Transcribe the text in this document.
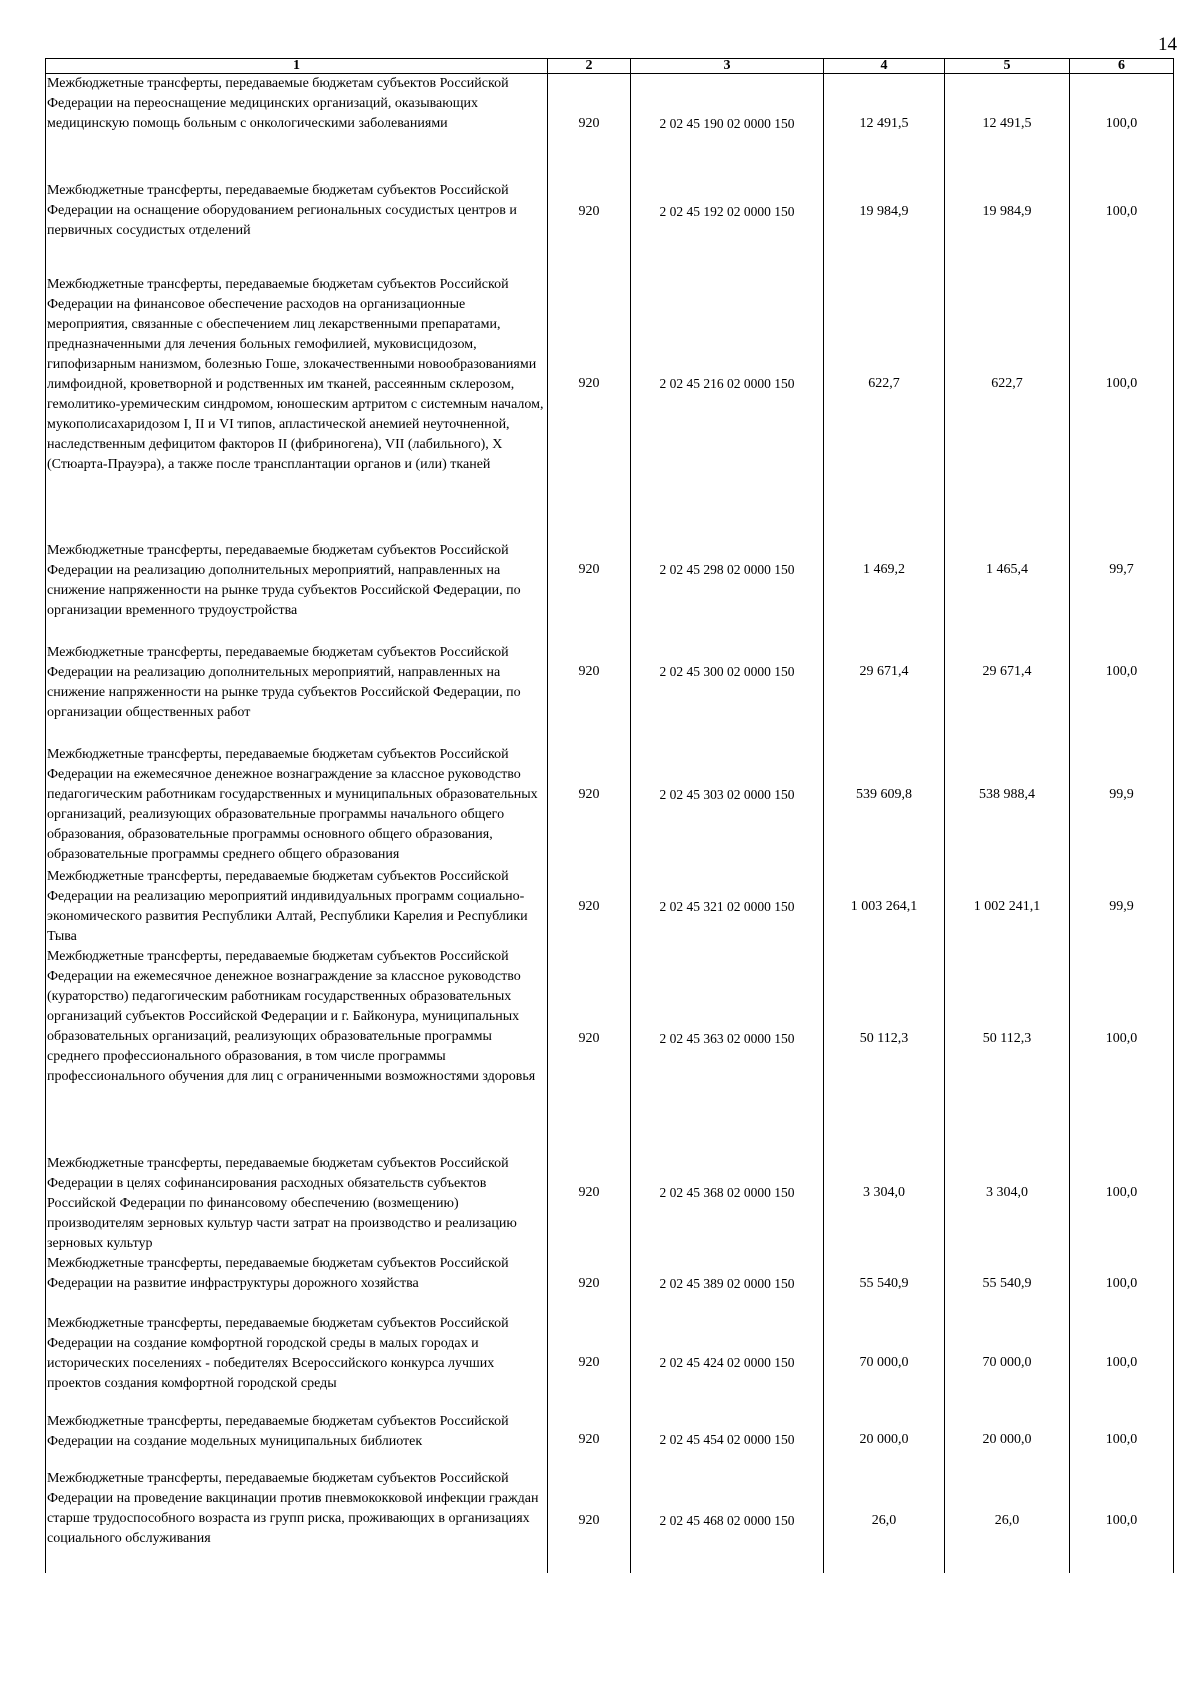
14
1	2	3	4	5	6
Межбюджетные трансферты, передаваемые бюджетам субъектов Российской Федерации на переоснащение медицинских организаций, оказывающих медицинскую помощь больным с онкологическими заболеваниями	920	2 02 45 190 02 0000 150	12 491,5	12 491,5	100,0
Межбюджетные трансферты, передаваемые бюджетам субъектов Российской Федерации на оснащение оборудованием региональных сосудистых центров и первичных сосудистых отделений	920	2 02 45 192 02 0000 150	19 984,9	19 984,9	100,0
Межбюджетные трансферты, передаваемые бюджетам субъектов Российской Федерации на финансовое обеспечение расходов на организационные мероприятия, связанные с обеспечением лиц лекарственными препаратами, предназначенными для лечения больных гемофилией, муковисцидозом, гипофизарным нанизмом, болезнью Гоше, злокачественными новообразованиями лимфоидной, кроветворной и родственных им тканей, рассеянным склерозом, гемолитико-уремическим синдромом, юношеским артритом с системным началом, мукополисахаридозом I, II и VI типов, апластической анемией неуточненной, наследственным дефицитом факторов II (фибриногена), VII (лабильного), X (Стюарта-Прауэра), а также после трансплантации органов и (или) тканей	920	2 02 45 216 02 0000 150	622,7	622,7	100,0
Межбюджетные трансферты, передаваемые бюджетам субъектов Российской Федерации на реализацию дополнительных мероприятий, направленных на снижение напряженности на рынке труда субъектов Российской Федерации, по организации временного трудоустройства	920	2 02 45 298 02 0000 150	1 469,2	1 465,4	99,7
Межбюджетные трансферты, передаваемые бюджетам субъектов Российской Федерации на реализацию дополнительных мероприятий, направленных на снижение напряженности на рынке труда субъектов Российской Федерации, по организации общественных работ	920	2 02 45 300 02 0000 150	29 671,4	29 671,4	100,0
Межбюджетные трансферты, передаваемые бюджетам субъектов Российской Федерации на ежемесячное денежное вознаграждение за классное руководство педагогическим работникам государственных и муниципальных образовательных организаций, реализующих образовательные программы начального общего образования, образовательные программы основного общего образования, образовательные программы среднего общего образования	920	2 02 45 303 02 0000 150	539 609,8	538 988,4	99,9
Межбюджетные трансферты, передаваемые бюджетам субъектов Российской Федерации на реализацию мероприятий индивидуальных программ социально-экономического развития Республики Алтай, Республики Карелия и Республики Тыва	920	2 02 45 321 02 0000 150	1 003 264,1	1 002 241,1	99,9
Межбюджетные трансферты, передаваемые бюджетам субъектов Российской Федерации на ежемесячное денежное вознаграждение за классное руководство (кураторство) педагогическим работникам государственных образовательных организаций субъектов Российской Федерации и г. Байконура, муниципальных образовательных организаций, реализующих образовательные программы среднего профессионального образования, в том числе программы профессионального обучения для лиц с ограниченными возможностями здоровья	920	2 02 45 363 02 0000 150	50 112,3	50 112,3	100,0
Межбюджетные трансферты, передаваемые бюджетам субъектов Российской Федерации в целях софинансирования расходных обязательств субъектов Российской Федерации по финансовому обеспечению (возмещению) производителям зерновых культур части затрат на производство и реализацию зерновых культур	920	2 02 45 368 02 0000 150	3 304,0	3 304,0	100,0
Межбюджетные трансферты, передаваемые бюджетам субъектов Российской Федерации на развитие инфраструктуры дорожного хозяйства	920	2 02 45 389 02 0000 150	55 540,9	55 540,9	100,0
Межбюджетные трансферты, передаваемые бюджетам субъектов Российской Федерации на создание комфортной городской среды в малых городах и исторических поселениях - победителях Всероссийского конкурса лучших проектов создания комфортной городской среды	920	2 02 45 424 02 0000 150	70 000,0	70 000,0	100,0
Межбюджетные трансферты, передаваемые бюджетам субъектов Российской Федерации на создание модельных муниципальных библиотек	920	2 02 45 454 02 0000 150	20 000,0	20 000,0	100,0
Межбюджетные трансферты, передаваемые бюджетам субъектов Российской Федерации на проведение вакцинации против пневмококковой инфекции граждан старше трудоспособного возраста из групп риска, проживающих в организациях социального обслуживания	920	2 02 45 468 02 0000 150	26,0	26,0	100,0
